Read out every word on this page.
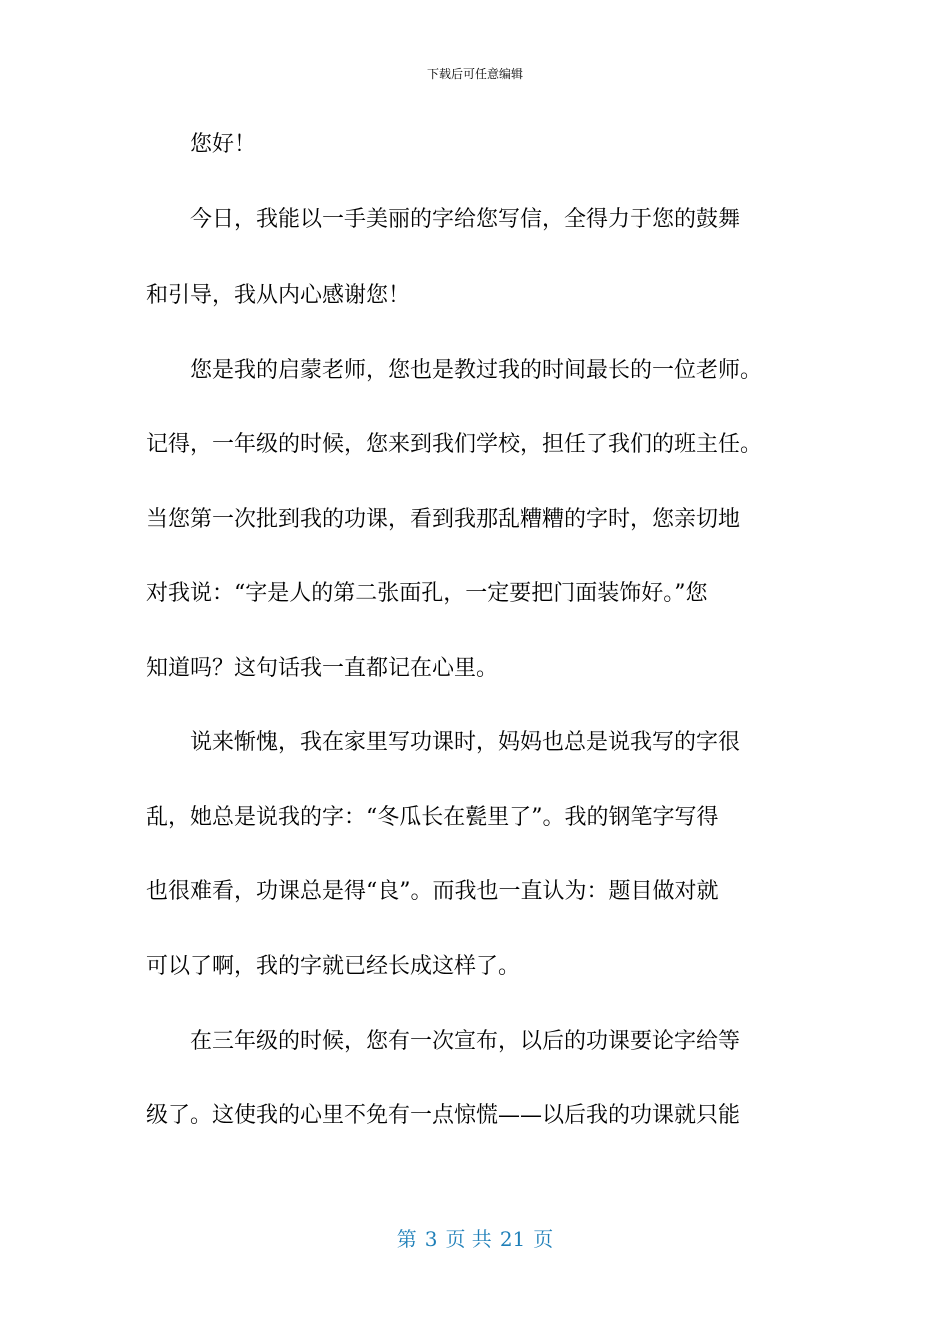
下载后可任意编辑
　　您好！
　　今日，我能以一手美丽的字给您写信，全得力于您的鼓舞
和引导，我从内心感谢您！
　　您是我的启蒙老师，您也是教过我的时间最长的一位老师。
记得，一年级的时候，您来到我们学校，担任了我们的班主任。
当您第一次批到我的功课，看到我那乱糟糟的字时，您亲切地
对我说：“字是人的第二张面孔，一定要把门面装饰好。”您
知道吗？这句话我一直都记在心里。
　　说来惭愧，我在家里写功课时，妈妈也总是说我写的字很
乱，她总是说我的字：“冬瓜长在甏里了”。我的钢笔字写得
也很难看，功课总是得“良”。而我也一直认为：题目做对就
可以了啊，我的字就已经长成这样了。
　　在三年级的时候，您有一次宣布，以后的功课要论字给等
级了。这使我的心里不免有一点惊慌——以后我的功课就只能
第 3 页 共 21 页
